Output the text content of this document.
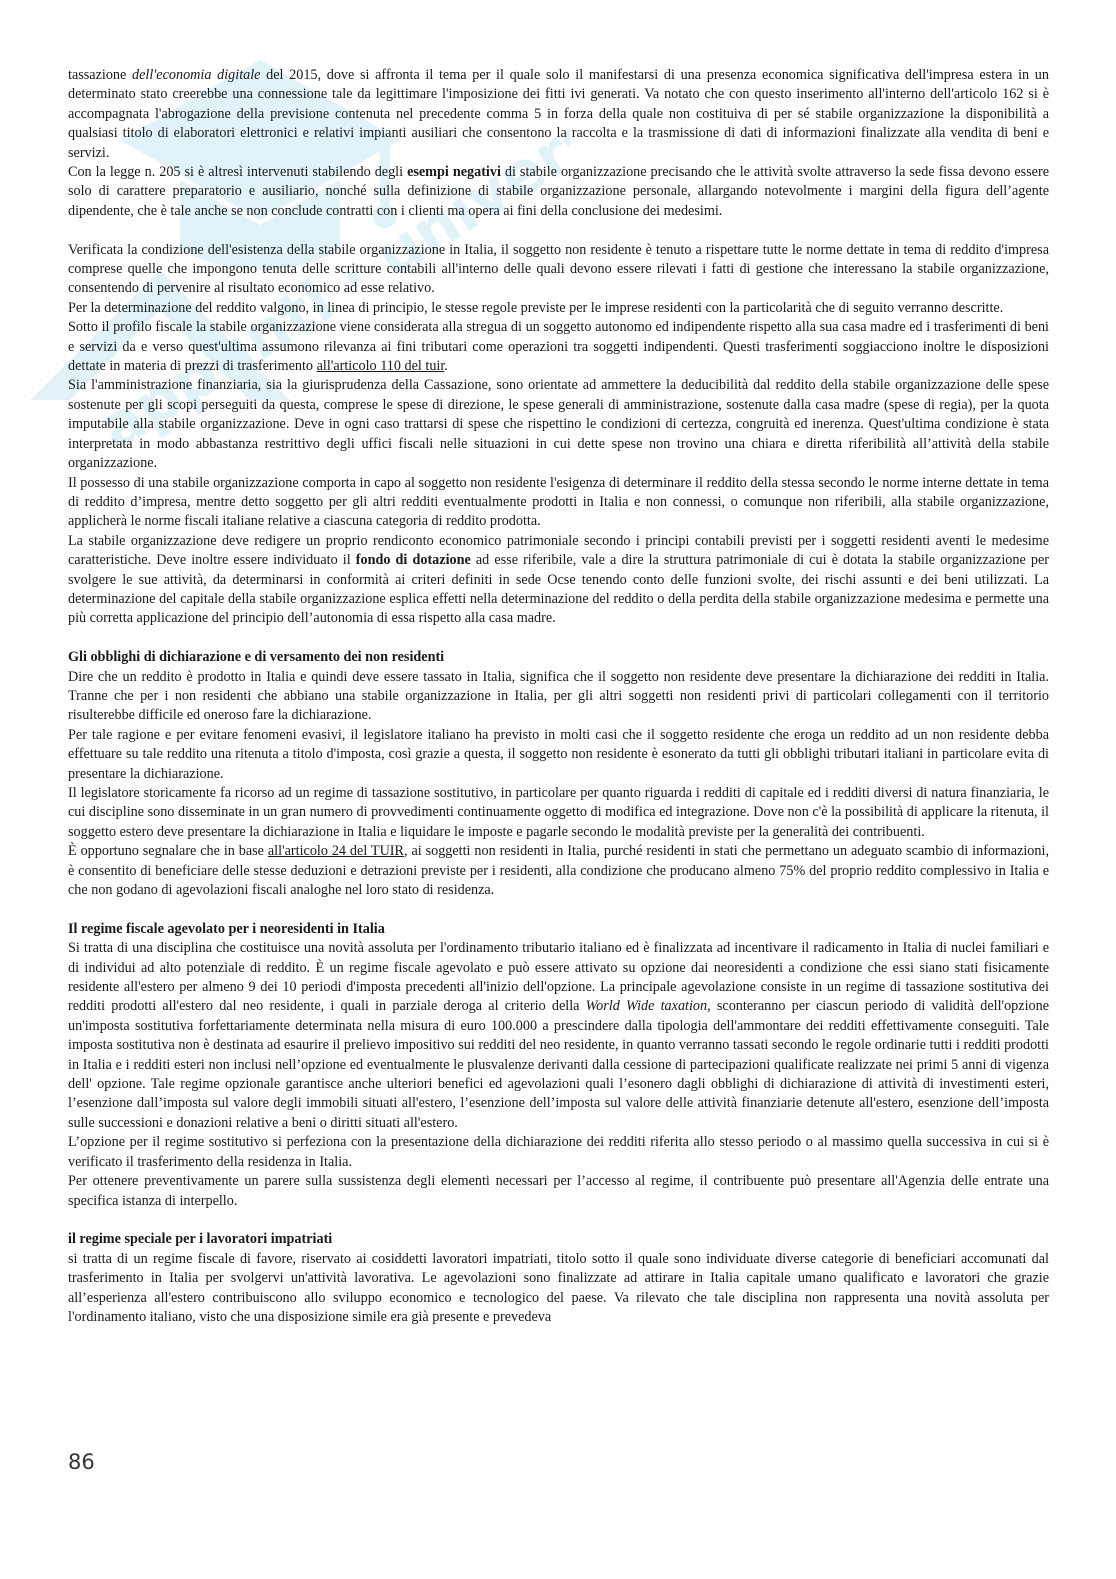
appunti · università

tassazione dell'economia digitale del 2015, dove si affronta il tema per il quale solo il manifestarsi di una presenza economica significativa dell'impresa estera in un determinato stato creerebbe una connessione tale da legittimare l'imposizione dei fitti ivi generati. Va notato che con questo inserimento all'interno dell'articolo 162 si è accompagnata l'abrogazione della previsione contenuta nel precedente comma 5 in forza della quale non costituiva di per sé stabile organizzazione la disponibilità a qualsiasi titolo di elaboratori elettronici e relativi impianti ausiliari che consentono la raccolta e la trasmissione di dati di informazioni finalizzate alla vendita di beni e servizi.

Con la legge n. 205 si è altresì intervenuti stabilendo degli esempi negativi di stabile organizzazione precisando che le attività svolte attraverso la sede fissa devono essere solo di carattere preparatorio e ausiliario, nonché sulla definizione di stabile organizzazione personale, allargando notevolmente i margini della figura dell’agente dipendente, che è tale anche se non conclude contratti con i clienti ma opera ai fini della conclusione dei medesimi.

Verificata la condizione dell'esistenza della stabile organizzazione in Italia, il soggetto non residente è tenuto a rispettare tutte le norme dettate in tema di reddito d'impresa comprese quelle che impongono tenuta delle scritture contabili all'interno delle quali devono essere rilevati i fatti di gestione che interessano la stabile organizzazione, consentendo di pervenire al risultato economico ad esse relativo.

Per la determinazione del reddito valgono, in linea di principio, le stesse regole previste per le imprese residenti con la particolarità che di seguito verranno descritte.

Sotto il profilo fiscale la stabile organizzazione viene considerata alla stregua di un soggetto autonomo ed indipendente rispetto alla sua casa madre ed i trasferimenti di beni e servizi da e verso quest'ultima assumono rilevanza ai fini tributari come operazioni tra soggetti indipendenti. Questi trasferimenti soggiacciono inoltre le disposizioni dettate in materia di prezzi di trasferimento all'articolo 110 del tuir.

Sia l'amministrazione finanziaria, sia la giurisprudenza della Cassazione, sono orientate ad ammettere la deducibilità dal reddito della stabile organizzazione delle spese sostenute per gli scopi perseguiti da questa, comprese le spese di direzione, le spese generali di amministrazione, sostenute dalla casa madre (spese di regia), per la quota imputabile alla stabile organizzazione. Deve in ogni caso trattarsi di spese che rispettino le condizioni di certezza, congruità ed inerenza. Quest'ultima condizione è stata interpretata in modo abbastanza restrittivo degli uffici fiscali nelle situazioni in cui dette spese non trovino una chiara e diretta riferibilità all’attività della stabile organizzazione.

Il possesso di una stabile organizzazione comporta in capo al soggetto non residente l'esigenza di determinare il reddito della stessa secondo le norme interne dettate in tema di reddito d’impresa, mentre detto soggetto per gli altri redditi eventualmente prodotti in Italia e non connessi, o comunque non riferibili, alla stabile organizzazione, applicherà le norme fiscali italiane relative a ciascuna categoria di reddito prodotta.

La stabile organizzazione deve redigere un proprio rendiconto economico patrimoniale secondo i principi contabili previsti per i soggetti residenti aventi le medesime caratteristiche. Deve inoltre essere individuato il fondo di dotazione ad esse riferibile, vale a dire la struttura patrimoniale di cui è dotata la stabile organizzazione per svolgere le sue attività, da determinarsi in conformità ai criteri definiti in sede Ocse tenendo conto delle funzioni svolte, dei rischi assunti e dei beni utilizzati. La determinazione del capitale della stabile organizzazione esplica effetti nella determinazione del reddito o della perdita della stabile organizzazione medesima e permette una più corretta applicazione del principio dell’autonomia di essa rispetto alla casa madre.

Gli obblighi di dichiarazione e di versamento dei non residenti

Dire che un reddito è prodotto in Italia e quindi deve essere tassato in Italia, significa che il soggetto non residente deve presentare la dichiarazione dei redditi in Italia. Tranne che per i non residenti che abbiano una stabile organizzazione in Italia, per gli altri soggetti non residenti privi di particolari collegamenti con il territorio risulterebbe difficile ed oneroso fare la dichiarazione.

Per tale ragione e per evitare fenomeni evasivi, il legislatore italiano ha previsto in molti casi che il soggetto residente che eroga un reddito ad un non residente debba effettuare su tale reddito una ritenuta a titolo d'imposta, così grazie a questa, il soggetto non residente è esonerato da tutti gli obblighi tributari italiani in particolare evita di presentare la dichiarazione.

Il legislatore storicamente fa ricorso ad un regime di tassazione sostitutivo, in particolare per quanto riguarda i redditi di capitale ed i redditi diversi di natura finanziaria, le cui discipline sono disseminate in un gran numero di provvedimenti continuamente oggetto di modifica ed integrazione. Dove non c'è la possibilità di applicare la ritenuta, il soggetto estero deve presentare la dichiarazione in Italia e liquidare le imposte e pagarle secondo le modalità previste per la generalità dei contribuenti.

È opportuno segnalare che in base all'articolo 24 del TUIR, ai soggetti non residenti in Italia, purché residenti in stati che permettano un adeguato scambio di informazioni, è consentito di beneficiare delle stesse deduzioni e detrazioni previste per i residenti, alla condizione che producano almeno 75% del proprio reddito complessivo in Italia e che non godano di agevolazioni fiscali analoghe nel loro stato di residenza.

Il regime fiscale agevolato per i neoresidenti in Italia

Si tratta di una disciplina che costituisce una novità assoluta per l'ordinamento tributario italiano ed è finalizzata ad incentivare il radicamento in Italia di nuclei familiari e di individui ad alto potenziale di reddito. È un regime fiscale agevolato e può essere attivato su opzione dai neoresidenti a condizione che essi siano stati fisicamente residente all'estero per almeno 9 dei 10 periodi d'imposta precedenti all'inizio dell'opzione. La principale agevolazione consiste in un regime di tassazione sostitutiva dei redditi prodotti all'estero dal neo residente, i quali in parziale deroga al criterio della World Wide taxation, sconteranno per ciascun periodo di validità dell'opzione un'imposta sostitutiva forfettariamente determinata nella misura di euro 100.000 a prescindere dalla tipologia dell'ammontare dei redditi effettivamente conseguiti. Tale imposta sostitutiva non è destinata ad esaurire il prelievo impositivo sui redditi del neo residente, in quanto verranno tassati secondo le regole ordinarie tutti i redditi prodotti in Italia e i redditi esteri non inclusi nell’opzione ed eventualmente le plusvalenze derivanti dalla cessione di partecipazioni qualificate realizzate nei primi 5 anni di vigenza dell' opzione. Tale regime opzionale garantisce anche ulteriori benefici ed agevolazioni quali l’esonero dagli obblighi di dichiarazione di attività di investimenti esteri, l’esenzione dall’imposta sul valore degli immobili situati all'estero, l’esenzione dell’imposta sul valore delle attività finanziarie detenute all'estero, esenzione dell’imposta sulle successioni e donazioni relative a beni o diritti situati all'estero.

L’opzione per il regime sostitutivo si perfeziona con la presentazione della dichiarazione dei redditi riferita allo stesso periodo o al massimo quella successiva in cui si è verificato il trasferimento della residenza in Italia.

Per ottenere preventivamente un parere sulla sussistenza degli elementi necessari per l’accesso al regime, il contribuente può presentare all'Agenzia delle entrate una specifica istanza di interpello.

il regime speciale per i lavoratori impatriati

si tratta di un regime fiscale di favore, riservato ai cosiddetti lavoratori impatriati, titolo sotto il quale sono individuate diverse categorie di beneficiari accomunati dal trasferimento in Italia per svolgervi un'attività lavorativa. Le agevolazioni sono finalizzate ad attirare in Italia capitale umano qualificato e lavoratori che grazie all’esperienza all'estero contribuiscono allo sviluppo economico e tecnologico del paese. Va rilevato che tale disciplina non rappresenta una novità assoluta per l'ordinamento italiano, visto che una disposizione simile era già presente e prevedeva

86
